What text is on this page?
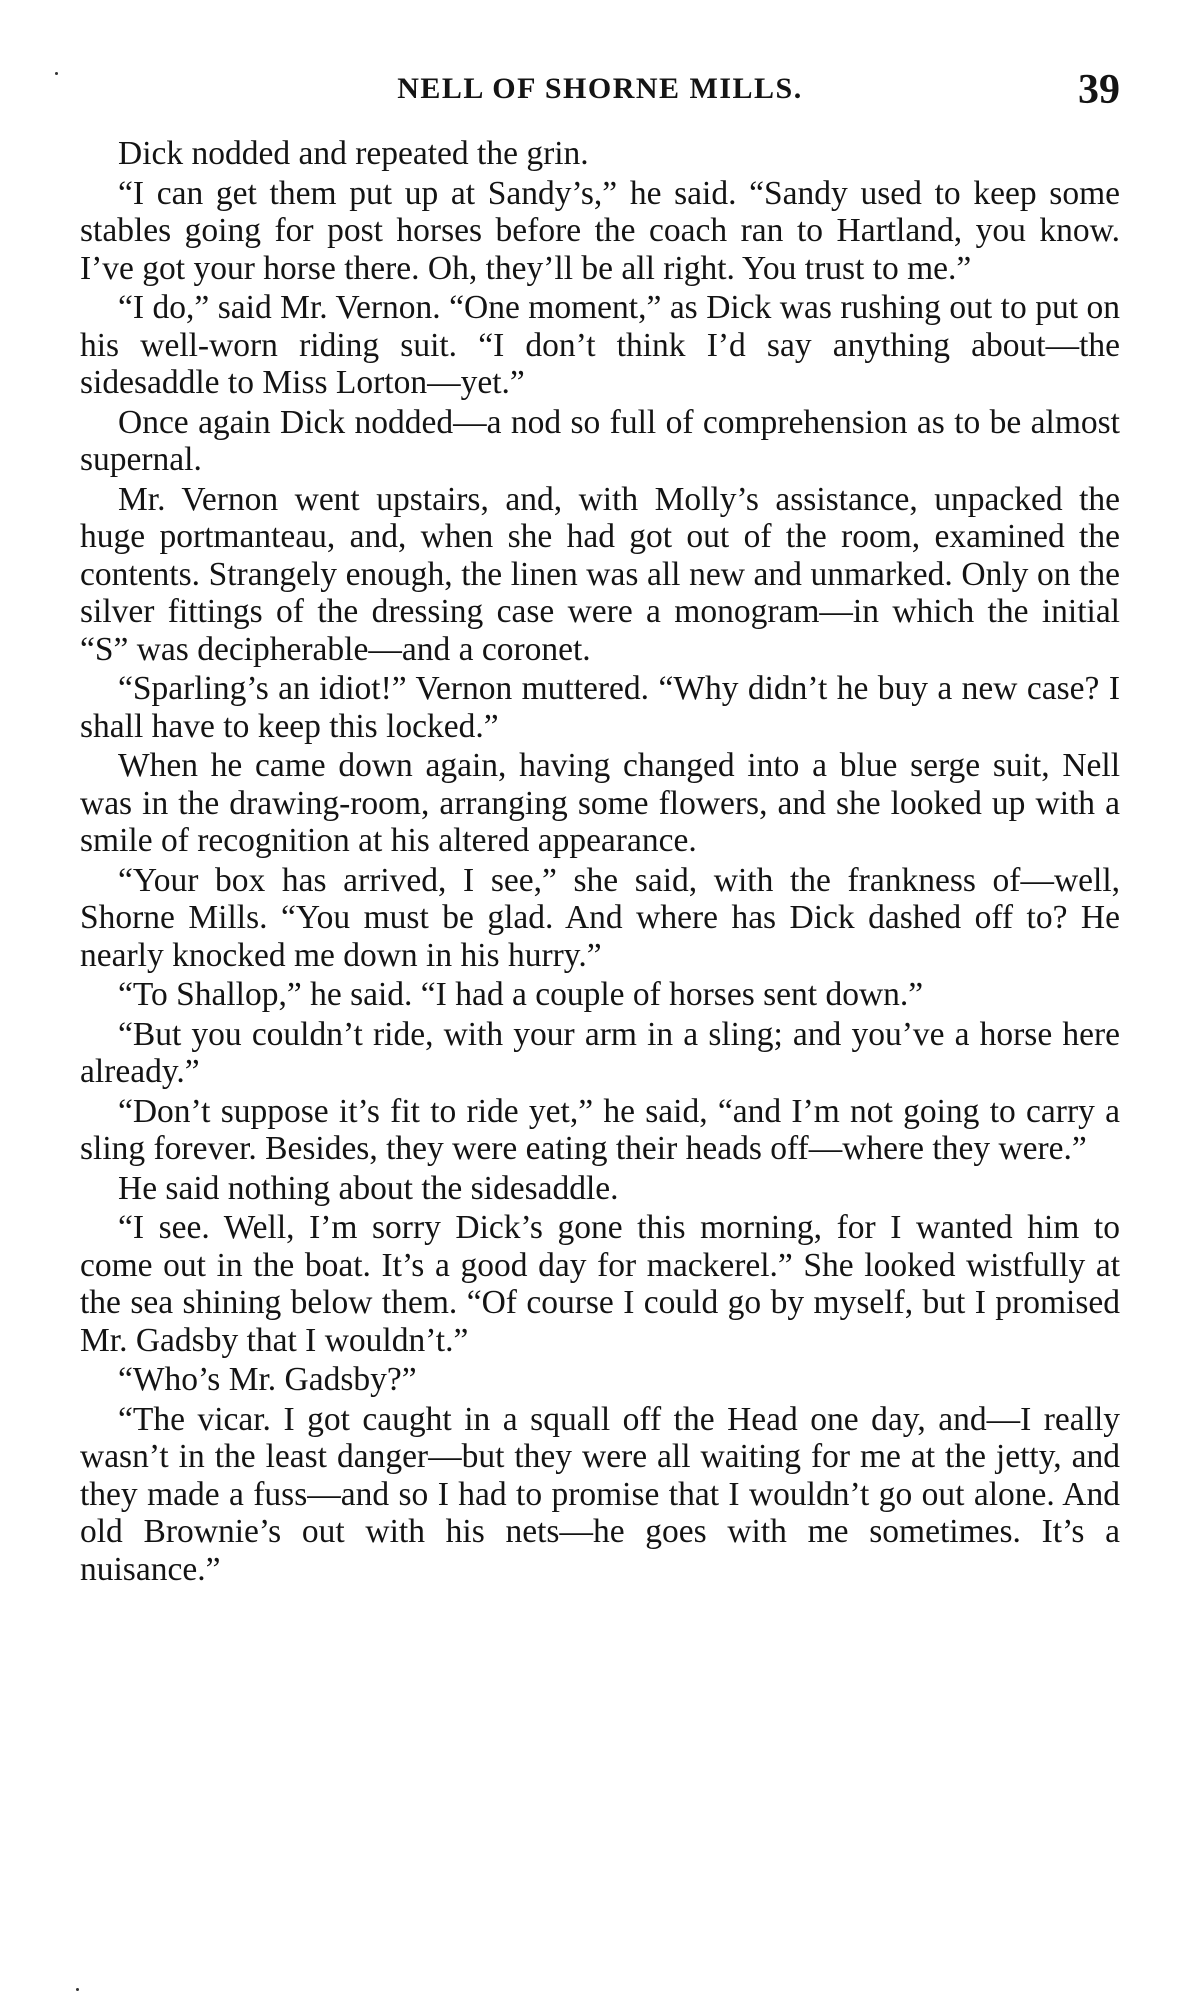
NELL OF SHORNE MILLS.	39

Dick nodded and repeated the grin.

“I can get them put up at Sandy’s,” he said. “Sandy used to keep some stables going for post horses before the coach ran to Hartland, you know. I’ve got your horse there. Oh, they’ll be all right. You trust to me.”

“I do,” said Mr. Vernon. “One moment,” as Dick was rushing out to put on his well-worn riding suit. “I don’t think I’d say anything about—the sidesaddle to Miss Lorton—yet.”

Once again Dick nodded—a nod so full of comprehension as to be almost supernal.

Mr. Vernon went upstairs, and, with Molly’s assistance, unpacked the huge portmanteau, and, when she had got out of the room, examined the contents. Strangely enough, the linen was all new and unmarked. Only on the silver fittings of the dressing case were a monogram—in which the initial “S” was decipherable—and a coronet.

“Sparling’s an idiot!” Vernon muttered. “Why didn’t he buy a new case? I shall have to keep this locked.”

When he came down again, having changed into a blue serge suit, Nell was in the drawing-room, arranging some flowers, and she looked up with a smile of recognition at his altered appearance.

“Your box has arrived, I see,” she said, with the frankness of—well, Shorne Mills. “You must be glad. And where has Dick dashed off to? He nearly knocked me down in his hurry.”

“To Shallop,” he said. “I had a couple of horses sent down.”

“But you couldn’t ride, with your arm in a sling; and you’ve a horse here already.”

“Don’t suppose it’s fit to ride yet,” he said, “and I’m not going to carry a sling forever. Besides, they were eating their heads off—where they were.”

He said nothing about the sidesaddle.

“I see. Well, I’m sorry Dick’s gone this morning, for I wanted him to come out in the boat. It’s a good day for mackerel.” She looked wistfully at the sea shining below them. “Of course I could go by myself, but I promised Mr. Gadsby that I wouldn’t.”

“Who’s Mr. Gadsby?”

“The vicar. I got caught in a squall off the Head one day, and—I really wasn’t in the least danger—but they were all waiting for me at the jetty, and they made a fuss—and so I had to promise that I wouldn’t go out alone. And old Brownie’s out with his nets—he goes with me sometimes. It’s a nuisance.”
